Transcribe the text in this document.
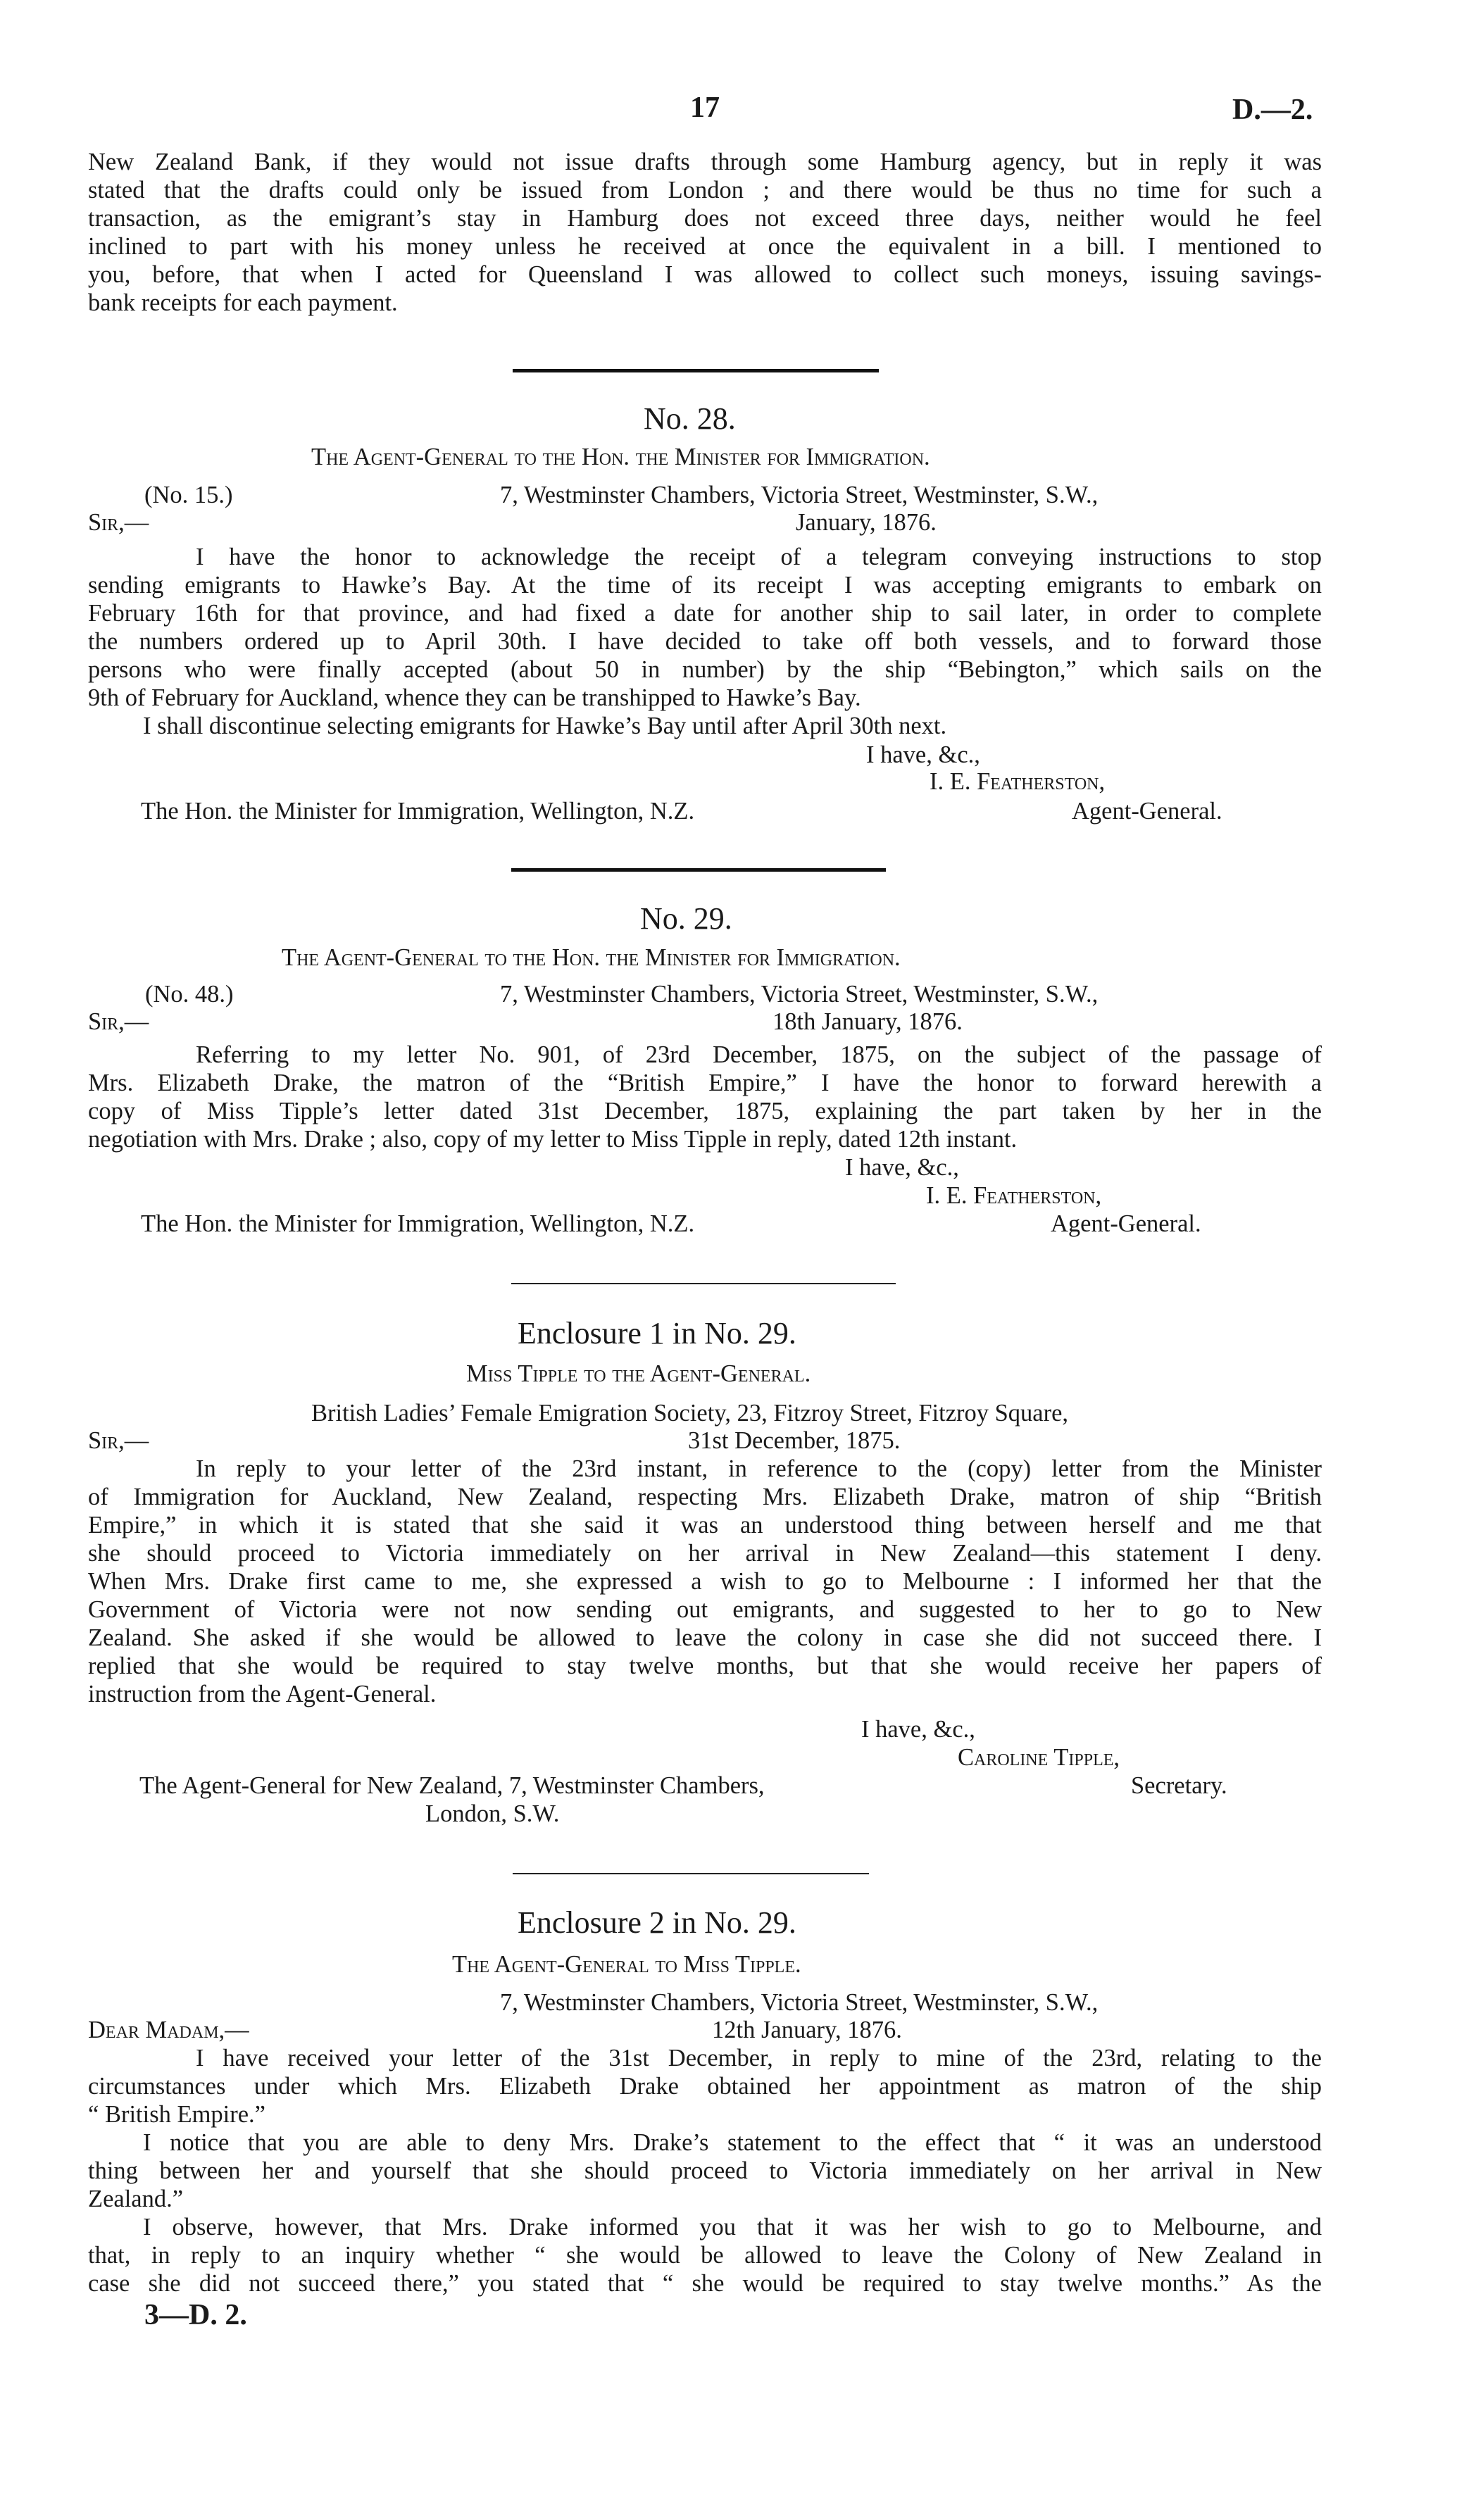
17	D.—2.
New Zealand Bank, if they would not issue drafts through some Hamburg agency, but in reply it was
stated that the drafts could only be issued from London ; and there would be thus no time for such a
transaction, as the emigrant’s stay in Hamburg does not exceed three days, neither would he feel
inclined to part with his money unless he received at once the equivalent in a bill. I mentioned to
you, before, that when I acted for Queensland I was allowed to collect such moneys, issuing savings-
bank receipts for each payment.
No. 28.
The Agent-General to the Hon. the Minister for Immigration.
(No. 15.)	7, Westminster Chambers, Victoria Street, Westminster, S.W.,
Sir,—	January, 1876.
I have the honor to acknowledge the receipt of a telegram conveying instructions to stop
sending emigrants to Hawke’s Bay. At the time of its receipt I was accepting emigrants to embark on
February 16th for that province, and had fixed a date for another ship to sail later, in order to complete
the numbers ordered up to April 30th. I have decided to take off both vessels, and to forward those
persons who were finally accepted (about 50 in number) by the ship “Bebington,” which sails on the
9th of February for Auckland, whence they can be transhipped to Hawke’s Bay.
I shall discontinue selecting emigrants for Hawke’s Bay until after April 30th next.
I have, &c.,
I. E. Featherston,
The Hon. the Minister for Immigration, Wellington, N.Z.	Agent-General.
No. 29.
The Agent-General to the Hon. the Minister for Immigration.
(No. 48.)	7, Westminster Chambers, Victoria Street, Westminster, S.W.,
Sir,—	18th January, 1876.
Referring to my letter No. 901, of 23rd December, 1875, on the subject of the passage of
Mrs. Elizabeth Drake, the matron of the “British Empire,” I have the honor to forward herewith a
copy of Miss Tipple’s letter dated 31st December, 1875, explaining the part taken by her in the
negotiation with Mrs. Drake ; also, copy of my letter to Miss Tipple in reply, dated 12th instant.
I have, &c.,
I. E. Featherston,
The Hon. the Minister for Immigration, Wellington, N.Z.	Agent-General.
Enclosure 1 in No. 29.
Miss Tipple to the Agent-General.
British Ladies’ Female Emigration Society, 23, Fitzroy Street, Fitzroy Square,
Sir,—	31st December, 1875.
In reply to your letter of the 23rd instant, in reference to the (copy) letter from the Minister
of Immigration for Auckland, New Zealand, respecting Mrs. Elizabeth Drake, matron of ship “British
Empire,” in which it is stated that she said it was an understood thing between herself and me that
she should proceed to Victoria immediately on her arrival in New Zealand—this statement I deny.
When Mrs. Drake first came to me, she expressed a wish to go to Melbourne : I informed her that the
Government of Victoria were not now sending out emigrants, and suggested to her to go to New
Zealand. She asked if she would be allowed to leave the colony in case she did not succeed there. I
replied that she would be required to stay twelve months, but that she would receive her papers of
instruction from the Agent-General.
I have, &c.,
Caroline Tipple,
The Agent-General for New Zealand, 7, Westminster Chambers,	Secretary.
London, S.W.
Enclosure 2 in No. 29.
The Agent-General to Miss Tipple.
7, Westminster Chambers, Victoria Street, Westminster, S.W.,
Dear Madam,—	12th January, 1876.
I have received your letter of the 31st December, in reply to mine of the 23rd, relating to the
circumstances under which Mrs. Elizabeth Drake obtained her appointment as matron of the ship
“ British Empire.”
I notice that you are able to deny Mrs. Drake’s statement to the effect that “ it was an understood
thing between her and yourself that she should proceed to Victoria immediately on her arrival in New
Zealand.”
I observe, however, that Mrs. Drake informed you that it was her wish to go to Melbourne, and
that, in reply to an inquiry whether “ she would be allowed to leave the Colony of New Zealand in
case she did not succeed there,” you stated that “ she would be required to stay twelve months.” As the
3—D. 2.
